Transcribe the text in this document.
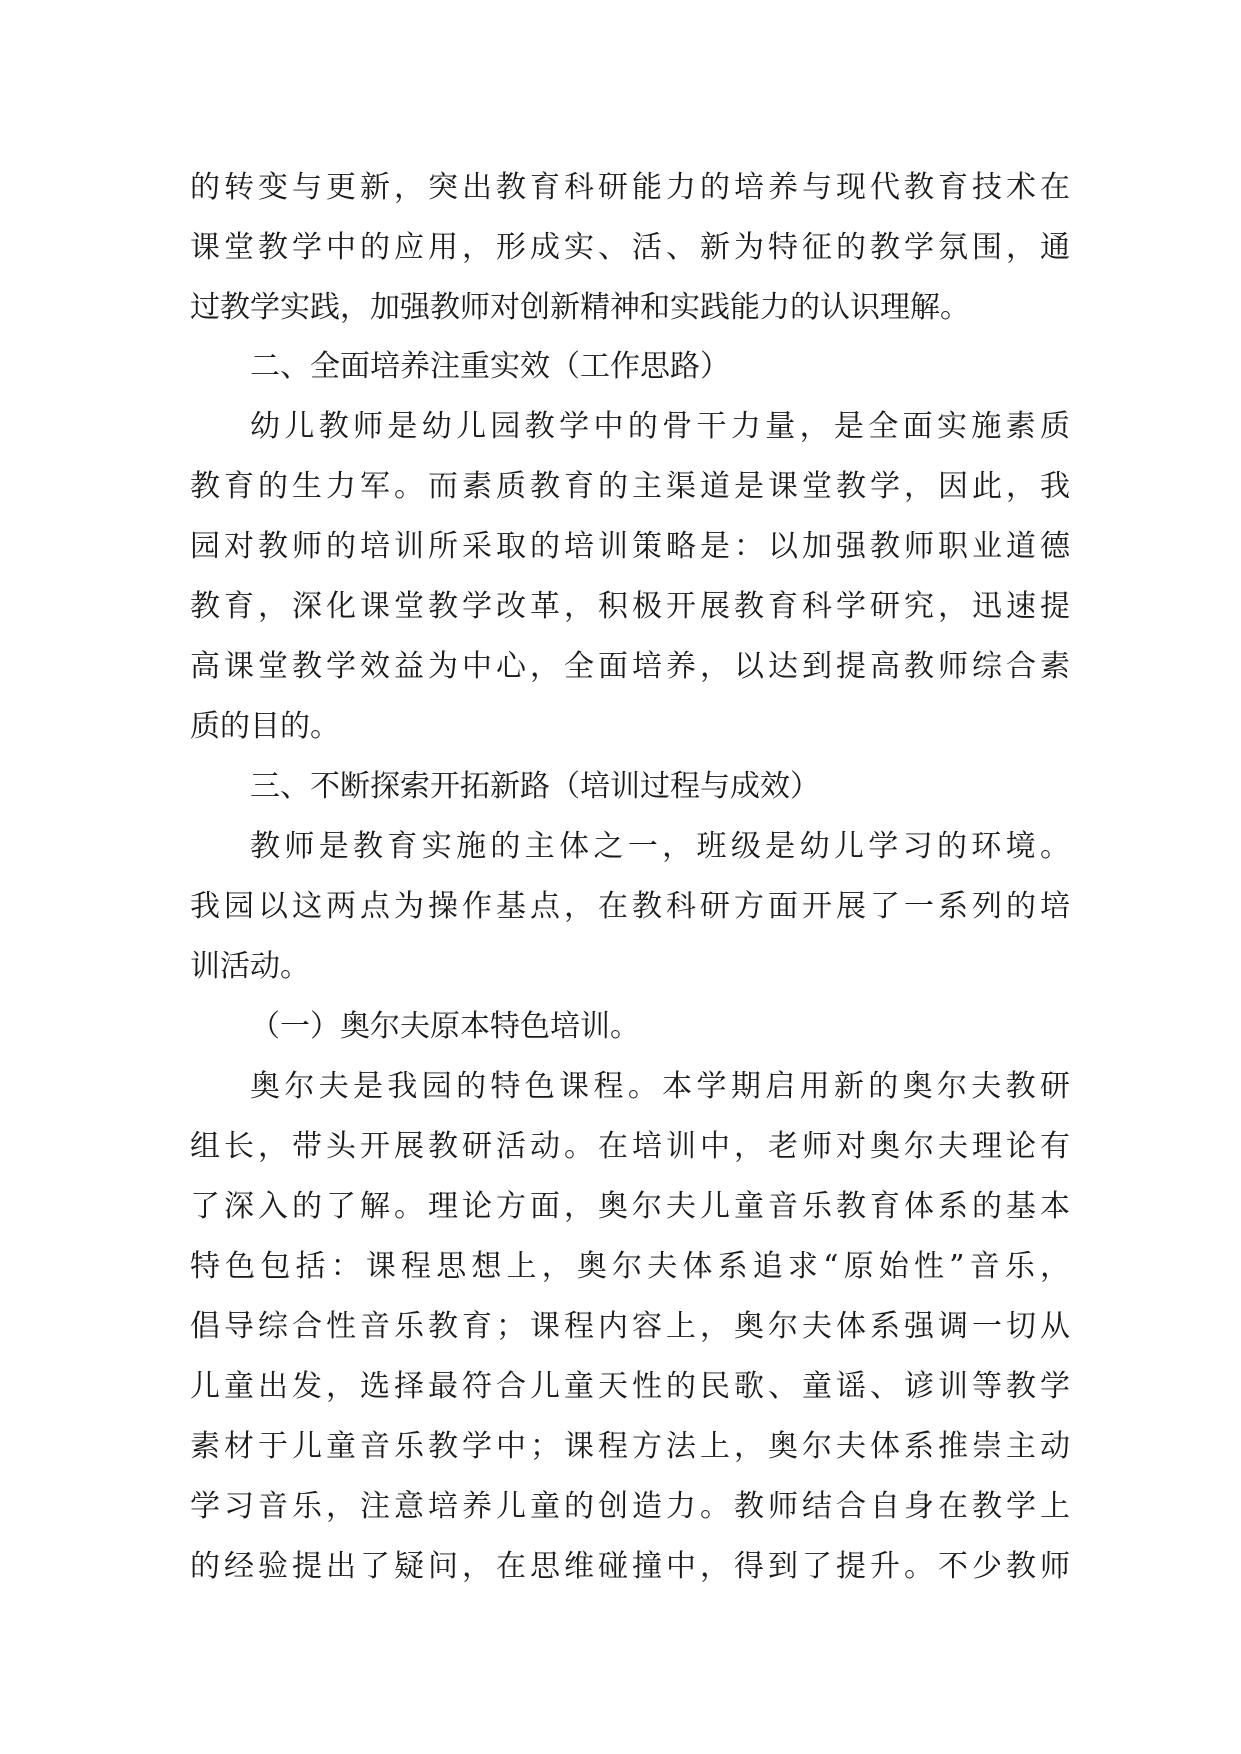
的转变与更新，突出教育科研能力的培养与现代教育技术在
课堂教学中的应用，形成实、活、新为特征的教学氛围，通
过教学实践，加强教师对创新精神和实践能力的认识理解。
二、全面培养注重实效（工作思路）
幼儿教师是幼儿园教学中的骨干力量，是全面实施素质
教育的生力军。而素质教育的主渠道是课堂教学，因此，我
园对教师的培训所采取的培训策略是：以加强教师职业道德
教育，深化课堂教学改革，积极开展教育科学研究，迅速提
高课堂教学效益为中心，全面培养，以达到提高教师综合素
质的目的。
三、不断探索开拓新路（培训过程与成效）
教师是教育实施的主体之一，班级是幼儿学习的环境。
我园以这两点为操作基点，在教科研方面开展了一系列的培
训活动。
（一）奥尔夫原本特色培训。
奥尔夫是我园的特色课程。本学期启用新的奥尔夫教研
组长，带头开展教研活动。在培训中，老师对奥尔夫理论有
了深入的了解。理论方面，奥尔夫儿童音乐教育体系的基本
特色包括：课程思想上，奥尔夫体系追求“原始性”音乐，
倡导综合性音乐教育；课程内容上，奥尔夫体系强调一切从
儿童出发，选择最符合儿童天性的民歌、童谣、谚训等教学
素材于儿童音乐教学中；课程方法上，奥尔夫体系推崇主动
学习音乐，注意培养儿童的创造力。教师结合自身在教学上
的经验提出了疑问，在思维碰撞中，得到了提升。不少教师
